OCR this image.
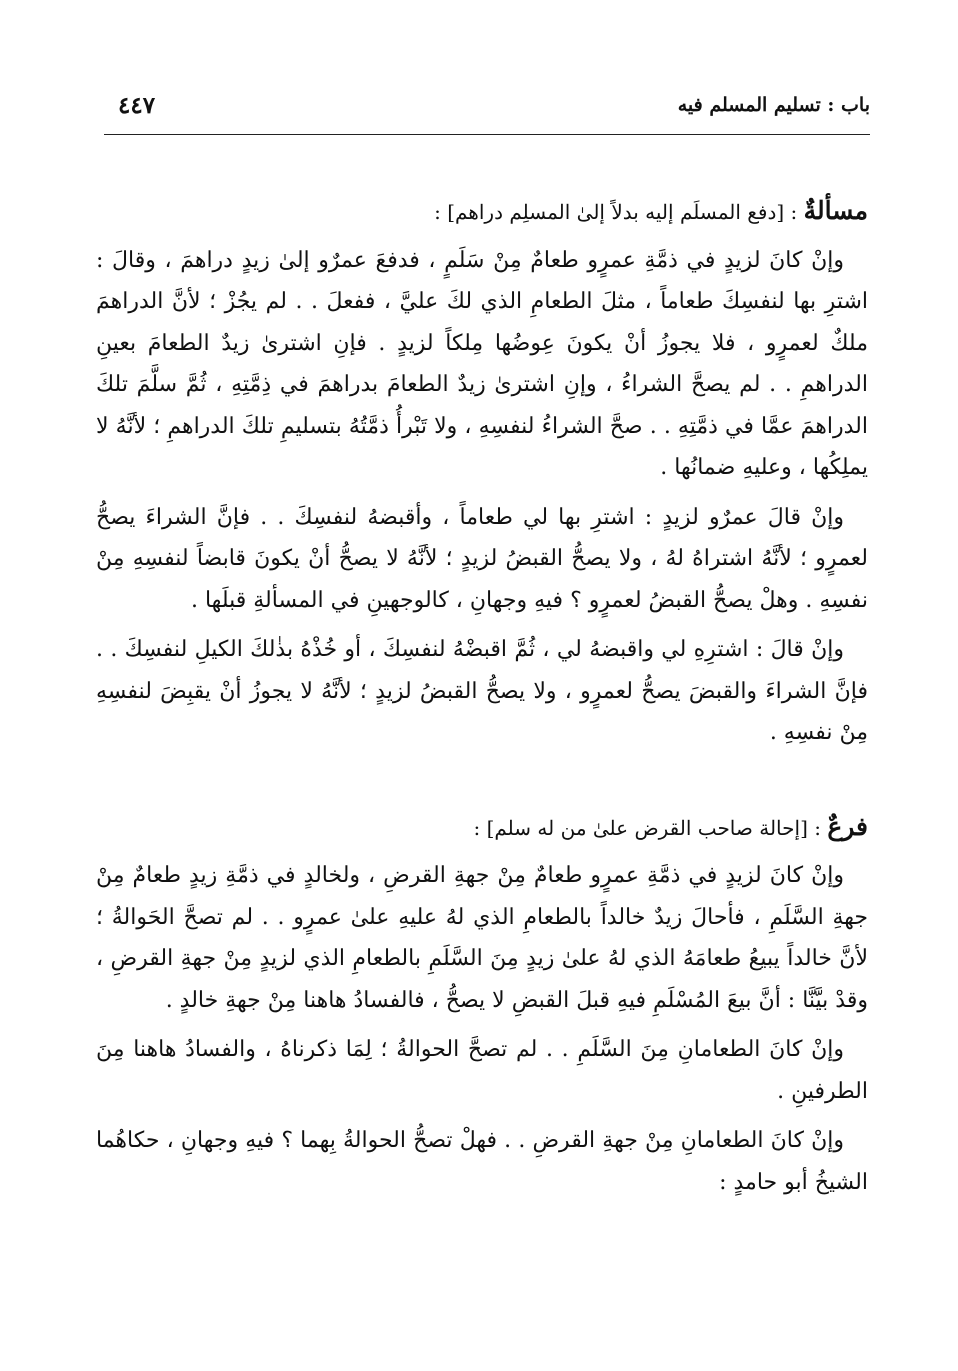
باب : تسليم المسلم فيه
٤٤٧

مسألةٌ : [دفع المسلَم إليه بدلاً إلىٰ المسلِم دراهم] :

وإنْ كانَ لزيدٍ في ذمَّةِ عمرٍو طعامٌ مِنْ سَلَمٍ ، فدفعَ عمرٌو إلىٰ زيدٍ دراهمَ ، وقالَ : اشترِ بها لنفسِكَ طعاماً ، مثلَ الطعامِ الذي لكَ عليَّ ، ففعلَ . . لم يجُزْ ؛ لأنَّ الدراهمَ ملكٌ لعمرٍو ، فلا يجوزُ أنْ يكونَ عِوضُها مِلكاً لزيدٍ . فإنِ اشترىٰ زيدٌ الطعامَ بعينِ الدراهمِ . . لم يصحَّ الشراءُ ، وإنِ اشترىٰ زيدٌ الطعامَ بدراهمَ في ذِمَّتِهِ ، ثُمَّ سلَّمَ تلكَ الدراهمَ عمَّا في ذمَّتِهِ . . صحَّ الشراءُ لنفسِهِ ، ولا تَبْرأُ ذمَّتُهُ بتسليمِ تلكَ الدراهمِ ؛ لأنَّهُ لا يملِكُها ، وعليهِ ضمانُها .

وإنْ قالَ عمرٌو لزيدٍ : اشترِ بها لي طعاماً ، وأقبضهُ لنفسِكَ . . فإنَّ الشراءَ يصحُّ لعمرٍو ؛ لأنَّهُ اشتراهُ لهُ ، ولا يصحُّ القبضُ لزيدٍ ؛ لأنَّهُ لا يصحُّ أنْ يكونَ قابضاً لنفسِهِ مِنْ نفسِهِ . وهلْ يصحُّ القبضُ لعمرٍو ؟ فيهِ وجهانِ ، كالوجهينِ في المسألةِ قبلَها .

وإنْ قالَ : اشترِهِ لي واقبضهُ لي ، ثُمَّ اقبضْهُ لنفسِكَ ، أو خُذْهُ بذٰلكَ الكيلِ لنفسِكَ . . فإنَّ الشراءَ والقبضَ يصحُّ لعمرٍو ، ولا يصحُّ القبضُ لزيدٍ ؛ لأنَّهُ لا يجوزُ أنْ يقبِضَ لنفسِهِ مِنْ نفسِهِ .

فرعٌ : [إحالة صاحب القرض علىٰ من له سلم] :

وإنْ كانَ لزيدٍ في ذمَّةِ عمرٍو طعامٌ مِنْ جهةِ القرضِ ، ولخالدٍ في ذمَّةِ زيدٍ طعامٌ مِنْ جهةِ السَّلَمِ ، فأحالَ زيدٌ خالداً بالطعامِ الذي لهُ عليهِ علىٰ عمرٍو . . لم تصحَّ الحَوالةُ ؛ لأنَّ خالداً يبيعُ طعامَهُ الذي لهُ علىٰ زيدٍ مِنَ السَّلَمِ بالطعامِ الذي لزيدٍ مِنْ جهةِ القرضِ ، وقدْ بيَّنَّا : أنَّ بيعَ المُسْلَمِ فيهِ قبلَ القبضِ لا يصحُّ ، فالفسادُ هاهنا مِنْ جهةِ خالدٍ .

وإنْ كانَ الطعامانِ مِنَ السَّلَمِ . . لم تصحَّ الحوالةُ ؛ لِمَا ذكرناهُ ، والفسادُ هاهنا مِنَ الطرفينِ .

وإنْ كانَ الطعامانِ مِنْ جهةِ القرضِ . . فهلْ تصحُّ الحوالةُ بِهما ؟ فيهِ وجهانِ ، حكاهُما الشيخُ أبو حامدٍ :
